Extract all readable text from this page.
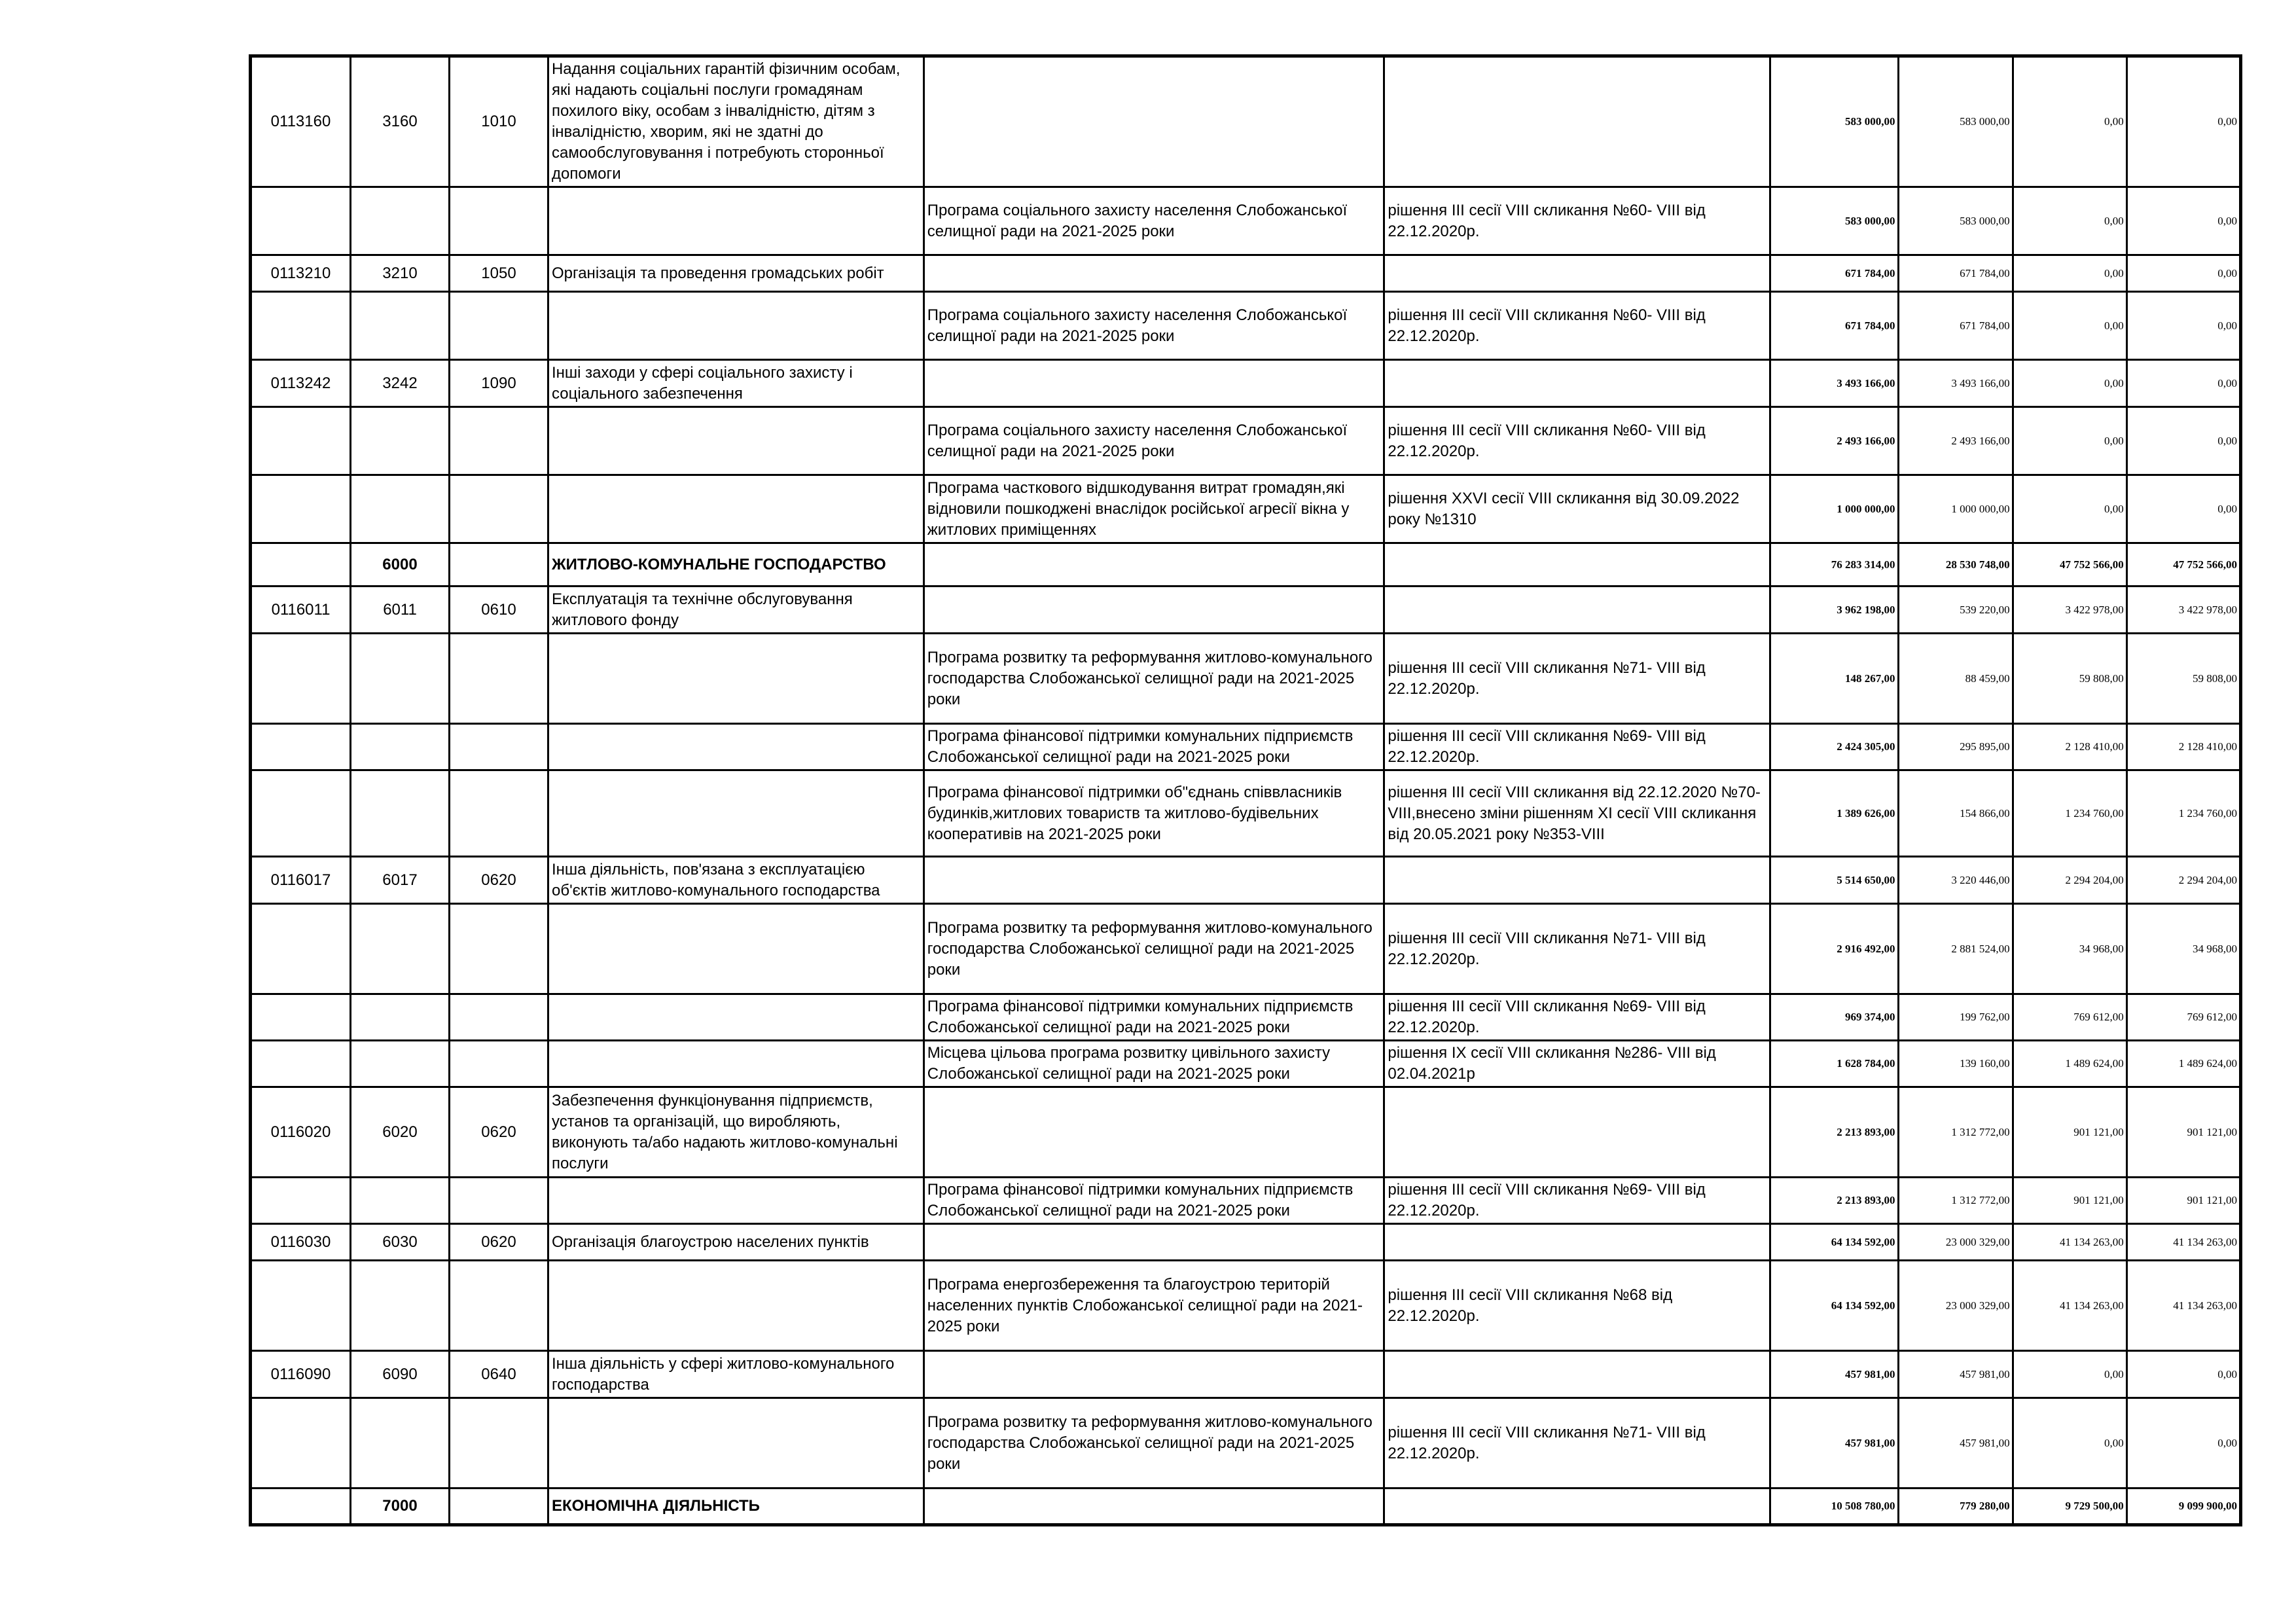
0113160	3160	1010	Надання соціальних гарантій фізичним особам, які надають соціальні послуги громадянам похилого віку, особам з інвалідністю, дітям з інвалідністю, хворим, які не здатні до самообслуговування і потребують сторонньої допомоги			583 000,00	583 000,00	0,00	0,00
				Програма соціального захисту населення Слобожанської селищної ради на 2021-2025 роки	рішення ІІІ сесії VIII скликання №60- VIII від 22.12.2020р.	583 000,00	583 000,00	0,00	0,00
0113210	3210	1050	Організація та проведення громадських робіт			671 784,00	671 784,00	0,00	0,00
				Програма соціального захисту населення Слобожанської селищної ради на 2021-2025 роки	рішення ІІІ сесії VIII скликання №60- VIII від 22.12.2020р.	671 784,00	671 784,00	0,00	0,00
0113242	3242	1090	Інші заходи у сфері соціального захисту і соціального забезпечення			3 493 166,00	3 493 166,00	0,00	0,00
				Програма соціального захисту населення Слобожанської селищної ради на 2021-2025 роки	рішення ІІІ сесії VIII скликання №60- VIII від 22.12.2020р.	2 493 166,00	2 493 166,00	0,00	0,00
				Програма часткового відшкодування витрат громадян,які відновили пошкоджені внаслідок російської агресії вікна у житлових приміщеннях	рішення XXVI сесії VIII скликання від 30.09.2022 року №1310	1 000 000,00	1 000 000,00	0,00	0,00
	6000		ЖИТЛОВО-КОМУНАЛЬНЕ ГОСПОДАРСТВО			76 283 314,00	28 530 748,00	47 752 566,00	47 752 566,00
0116011	6011	0610	Експлуатація та технічне обслуговування житлового фонду			3 962 198,00	539 220,00	3 422 978,00	3 422 978,00
				Програма розвитку та реформування житлово-комунального господарства Слобожанської селищної ради на 2021-2025 роки	рішення ІІІ сесії VIII скликання №71- VIII від 22.12.2020р.	148 267,00	88 459,00	59 808,00	59 808,00
				Програма фінансової підтримки комунальних підприємств Слобожанської селищної ради на 2021-2025 роки	рішення ІІІ сесії VIII скликання №69- VIII від 22.12.2020р.	2 424 305,00	295 895,00	2 128 410,00	2 128 410,00
				Програма фінансової підтримки об"єднань співвласників будинків,житлових товариств та житлово-будівельних кооперативів на 2021-2025 роки	рішення ІІІ сесії VIII скликання від 22.12.2020 №70-VIII,внесено зміни рішенням XI сесії VIII скликання від 20.05.2021 року №353-VIII	1 389 626,00	154 866,00	1 234 760,00	1 234 760,00
0116017	6017	0620	Інша діяльність, пов'язана з експлуатацією об'єктів житлово-комунального господарства			5 514 650,00	3 220 446,00	2 294 204,00	2 294 204,00
				Програма розвитку та реформування житлово-комунального господарства Слобожанської селищної ради на 2021-2025 роки	рішення ІІІ сесії VIII скликання №71- VIII від 22.12.2020р.	2 916 492,00	2 881 524,00	34 968,00	34 968,00
				Програма фінансової підтримки комунальних підприємств Слобожанської селищної ради на 2021-2025 роки	рішення ІІІ сесії VIII скликання №69- VIII від 22.12.2020р.	969 374,00	199 762,00	769 612,00	769 612,00
				Місцева цільова програма розвитку цивільного захисту Слобожанської селищної ради на 2021-2025 роки	рішення ІХ сесії VIII скликання №286- VIII від 02.04.2021р	1 628 784,00	139 160,00	1 489 624,00	1 489 624,00
0116020	6020	0620	Забезпечення функціонування підприємств, установ та організацій, що виробляють, виконують та/або надають житлово-комунальні послуги			2 213 893,00	1 312 772,00	901 121,00	901 121,00
				Програма фінансової підтримки комунальних підприємств Слобожанської селищної ради на 2021-2025 роки	рішення ІІІ сесії VIII скликання №69- VIII від 22.12.2020р.	2 213 893,00	1 312 772,00	901 121,00	901 121,00
0116030	6030	0620	Організація благоустрою населених пунктів			64 134 592,00	23 000 329,00	41 134 263,00	41 134 263,00
				Програма енергозбереження та благоустрою територій населенних пунктів Слобожанської селищної ради на 2021-2025 роки	рішення ІІІ сесії VIII скликання №68 від 22.12.2020р.	64 134 592,00	23 000 329,00	41 134 263,00	41 134 263,00
0116090	6090	0640	Інша діяльність у сфері житлово-комунального господарства			457 981,00	457 981,00	0,00	0,00
				Програма розвитку та реформування житлово-комунального господарства Слобожанської селищної ради на 2021-2025 роки	рішення ІІІ сесії VIII скликання №71- VIII від 22.12.2020р.	457 981,00	457 981,00	0,00	0,00
	7000		ЕКОНОМІЧНА ДІЯЛЬНІСТЬ			10 508 780,00	779 280,00	9 729 500,00	9 099 900,00
